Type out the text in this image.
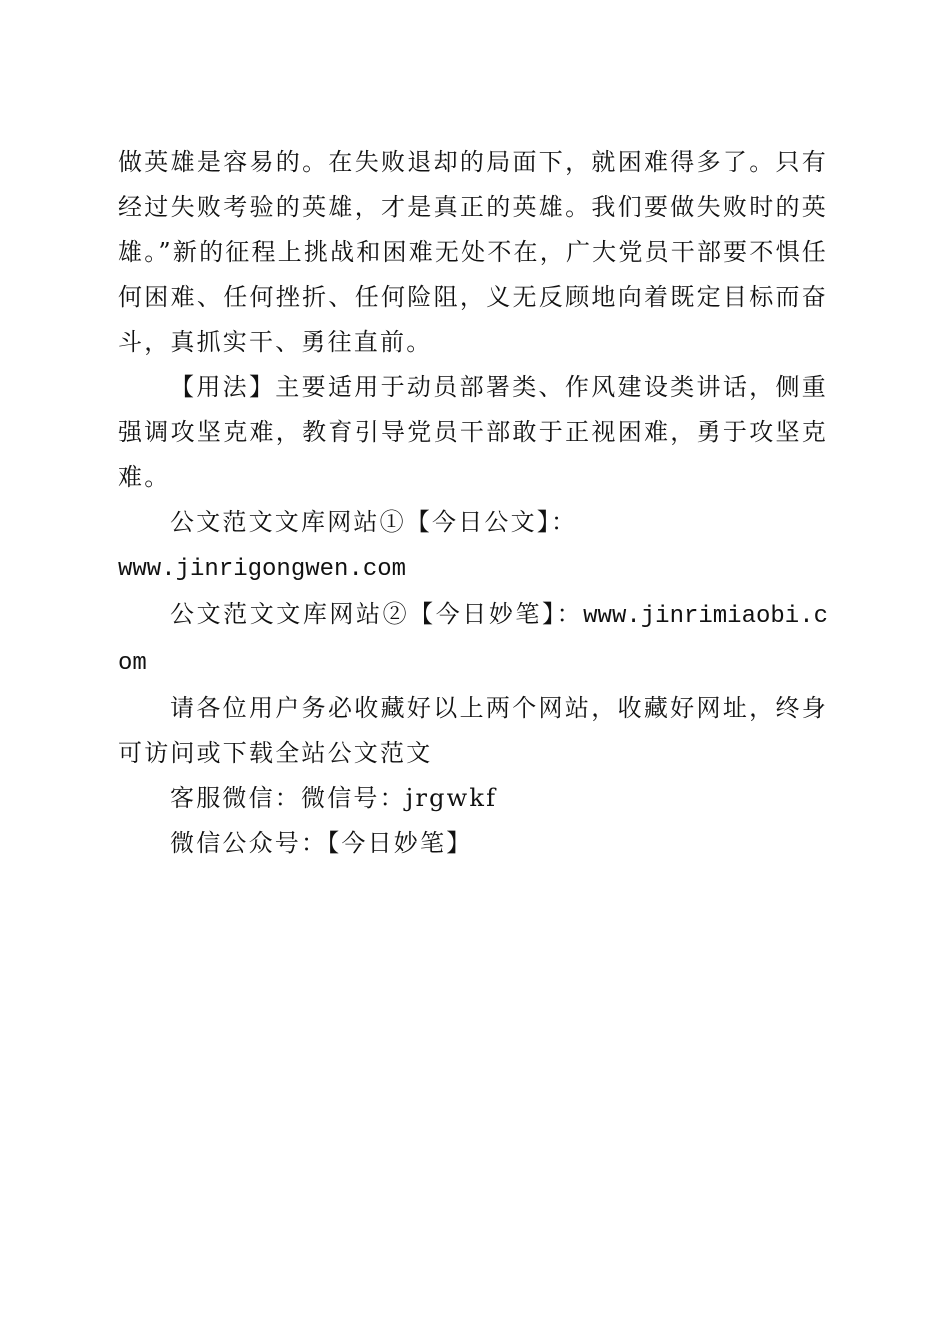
做英雄是容易的。在失败退却的局面下，就困难得多了。只有经过失败考验的英雄，才是真正的英雄。我们要做失败时的英雄。”新的征程上挑战和困难无处不在，广大党员干部要不惧任何困难、任何挫折、任何险阻，义无反顾地向着既定目标而奋斗，真抓实干、勇往直前。

【用法】主要适用于动员部署类、作风建设类讲话，侧重强调攻坚克难，教育引导党员干部敢于正视困难，勇于攻坚克难。

公文范文文库网站①【今日公文】：
www.jinrigongwen.com

公文范文文库网站②【今日妙笔】：www.jinrimiaobi.com

请各位用户务必收藏好以上两个网站，收藏好网址，终身可访问或下载全站公文范文

客服微信：微信号：jrgwkf

微信公众号：【今日妙笔】
